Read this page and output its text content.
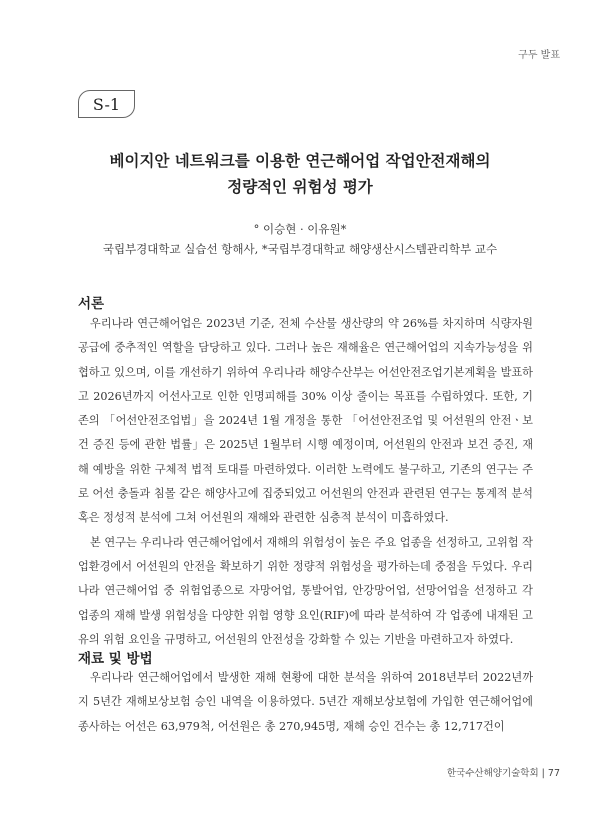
구두 발표
S-1
베이지안 네트워크를 이용한 연근해어업 작업안전재해의
정량적인 위험성 평가
° 이승현 · 이유원*
국립부경대학교 실습선 항해사, *국립부경대학교 해양생산시스템관리학부 교수
서론

우리나라 연근해어업은 2023년 기준, 전체 수산물 생산량의 약 26%를 차지하며 식량자원 공급에 중추적인 역할을 담당하고 있다. 그러나 높은 재해율은 연근해어업의 지속가능성을 위협하고 있으며, 이를 개선하기 위하여 우리나라 해양수산부는 어선안전조업기본계획을 발표하고 2026년까지 어선사고로 인한 인명피해를 30% 이상 줄이는 목표를 수립하였다. 또한, 기존의 「어선안전조업법」을 2024년 1월 개정을 통한 「어선안전조업 및 어선원의 안전ㆍ보건 증진 등에 관한 법률」은 2025년 1월부터 시행 예정이며, 어선원의 안전과 보건 증진, 재해 예방을 위한 구체적 법적 토대를 마련하였다. 이러한 노력에도 불구하고, 기존의 연구는 주로 어선 충돌과 침몰 같은 해양사고에 집중되었고 어선원의 안전과 관련된 연구는 통계적 분석 혹은 정성적 분석에 그쳐 어선원의 재해와 관련한 심층적 분석이 미흡하였다.

본 연구는 우리나라 연근해어업에서 재해의 위험성이 높은 주요 업종을 선정하고, 고위험 작업환경에서 어선원의 안전을 확보하기 위한 정량적 위험성을 평가하는데 중점을 두었다. 우리나라 연근해어업 중 위험업종으로 자망어업, 통발어업, 안강망어업, 선망어업을 선정하고 각 업종의 재해 발생 위험성을 다양한 위험 영향 요인(RIF)에 따라 분석하여 각 업종에 내재된 고유의 위험 요인을 규명하고, 어선원의 안전성을 강화할 수 있는 기반을 마련하고자 하였다.

재료 및 방법

우리나라 연근해어업에서 발생한 재해 현황에 대한 분석을 위하여 2018년부터 2022년까지 5년간 재해보상보험 승인 내역을 이용하였다. 5년간 재해보상보험에 가입한 연근해어업에 종사하는 어선은 63,979척, 어선원은 총 270,945명, 재해 승인 건수는 총 12,717건이

한국수산해양기술학회 | 77
